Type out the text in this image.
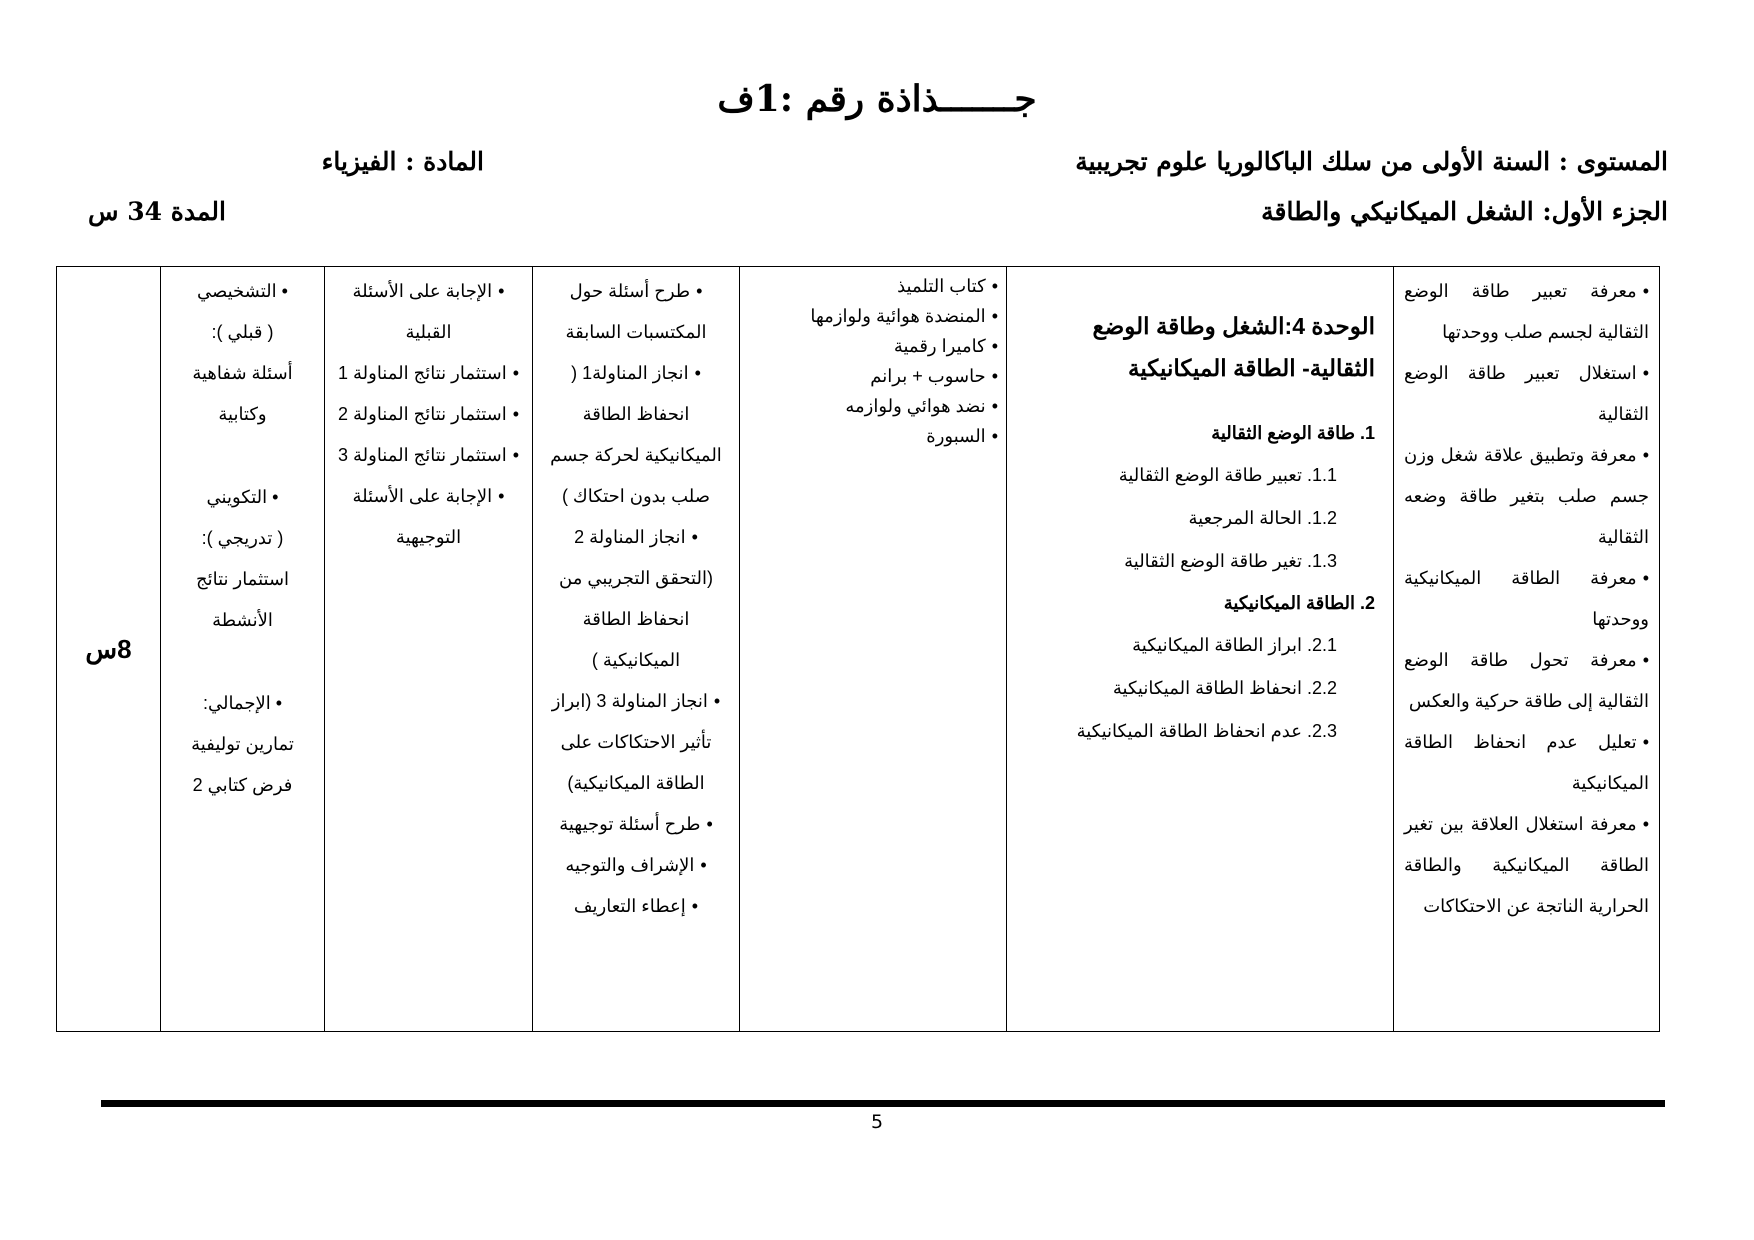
جـــــــذاذة رقم :1ف
المستوى : السنة الأولى من سلك الباكالوريا علوم تجريبية
المادة : الفيزياء
الجزء الأول: الشغل الميكانيكي والطاقة
المدة 34 س
• معرفة تعبير طاقة الوضع الثقالية لجسم صلب ووحدتها
• استغلال تعبير طاقة الوضع الثقالية
• معرفة وتطبيق علاقة شغل وزن جسم صلب بتغير طاقة وضعه الثقالية
• معرفة الطاقة الميكانيكية ووحدتها
• معرفة تحول طاقة الوضع الثقالية إلى طاقة حركية والعكس
• تعليل عدم انحفاظ الطاقة الميكانيكية
• معرفة استغلال العلاقة بين تغير الطاقة الميكانيكية والطاقة الحرارية الناتجة عن الاحتكاكات

الوحدة 4:الشغل وطاقة الوضع الثقالية- الطاقة الميكانيكية
1. طاقة الوضع الثقالية
1.1. تعبير طاقة الوضع الثقالية
1.2. الحالة المرجعية
1.3. تغير طاقة الوضع الثقالية
2. الطاقة الميكانيكية
2.1. ابراز الطاقة الميكانيكية
2.2. انحفاظ الطاقة الميكانيكية
2.3. عدم انحفاظ الطاقة الميكانيكية

• كتاب التلميذ
• المنضدة هوائية ولوازمها
• كاميرا رقمية
• حاسوب + برانم
• نضد هوائي ولوازمه
• السبورة

• طرح أسئلة حول المكتسبات السابقة
• انجاز المناولة1 ( انحفاظ الطاقة الميكانيكية لحركة جسم صلب بدون احتكاك )
• انجاز المناولة 2 (التحقق التجريبي من انحفاظ الطاقة الميكانيكية )
• انجاز المناولة 3 (ابراز تأثير الاحتكاكات على الطاقة الميكانيكية)
• طرح أسئلة توجيهية
• الإشراف والتوجيه
• إعطاء التعاريف

• الإجابة على الأسئلة القبلية
• استثمار نتائج المناولة 1
• استثمار نتائج المناولة 2
• استثمار نتائج المناولة 3
• الإجابة على الأسئلة التوجيهية

• التشخيصي
( قبلي ):
أسئلة شفاهية وكتابية
• التكويني
( تدريجي ):
استثمار نتائج الأنشطة
• الإجمالي:
تمارين توليفية
فرض كتابي 2
	8س
5
